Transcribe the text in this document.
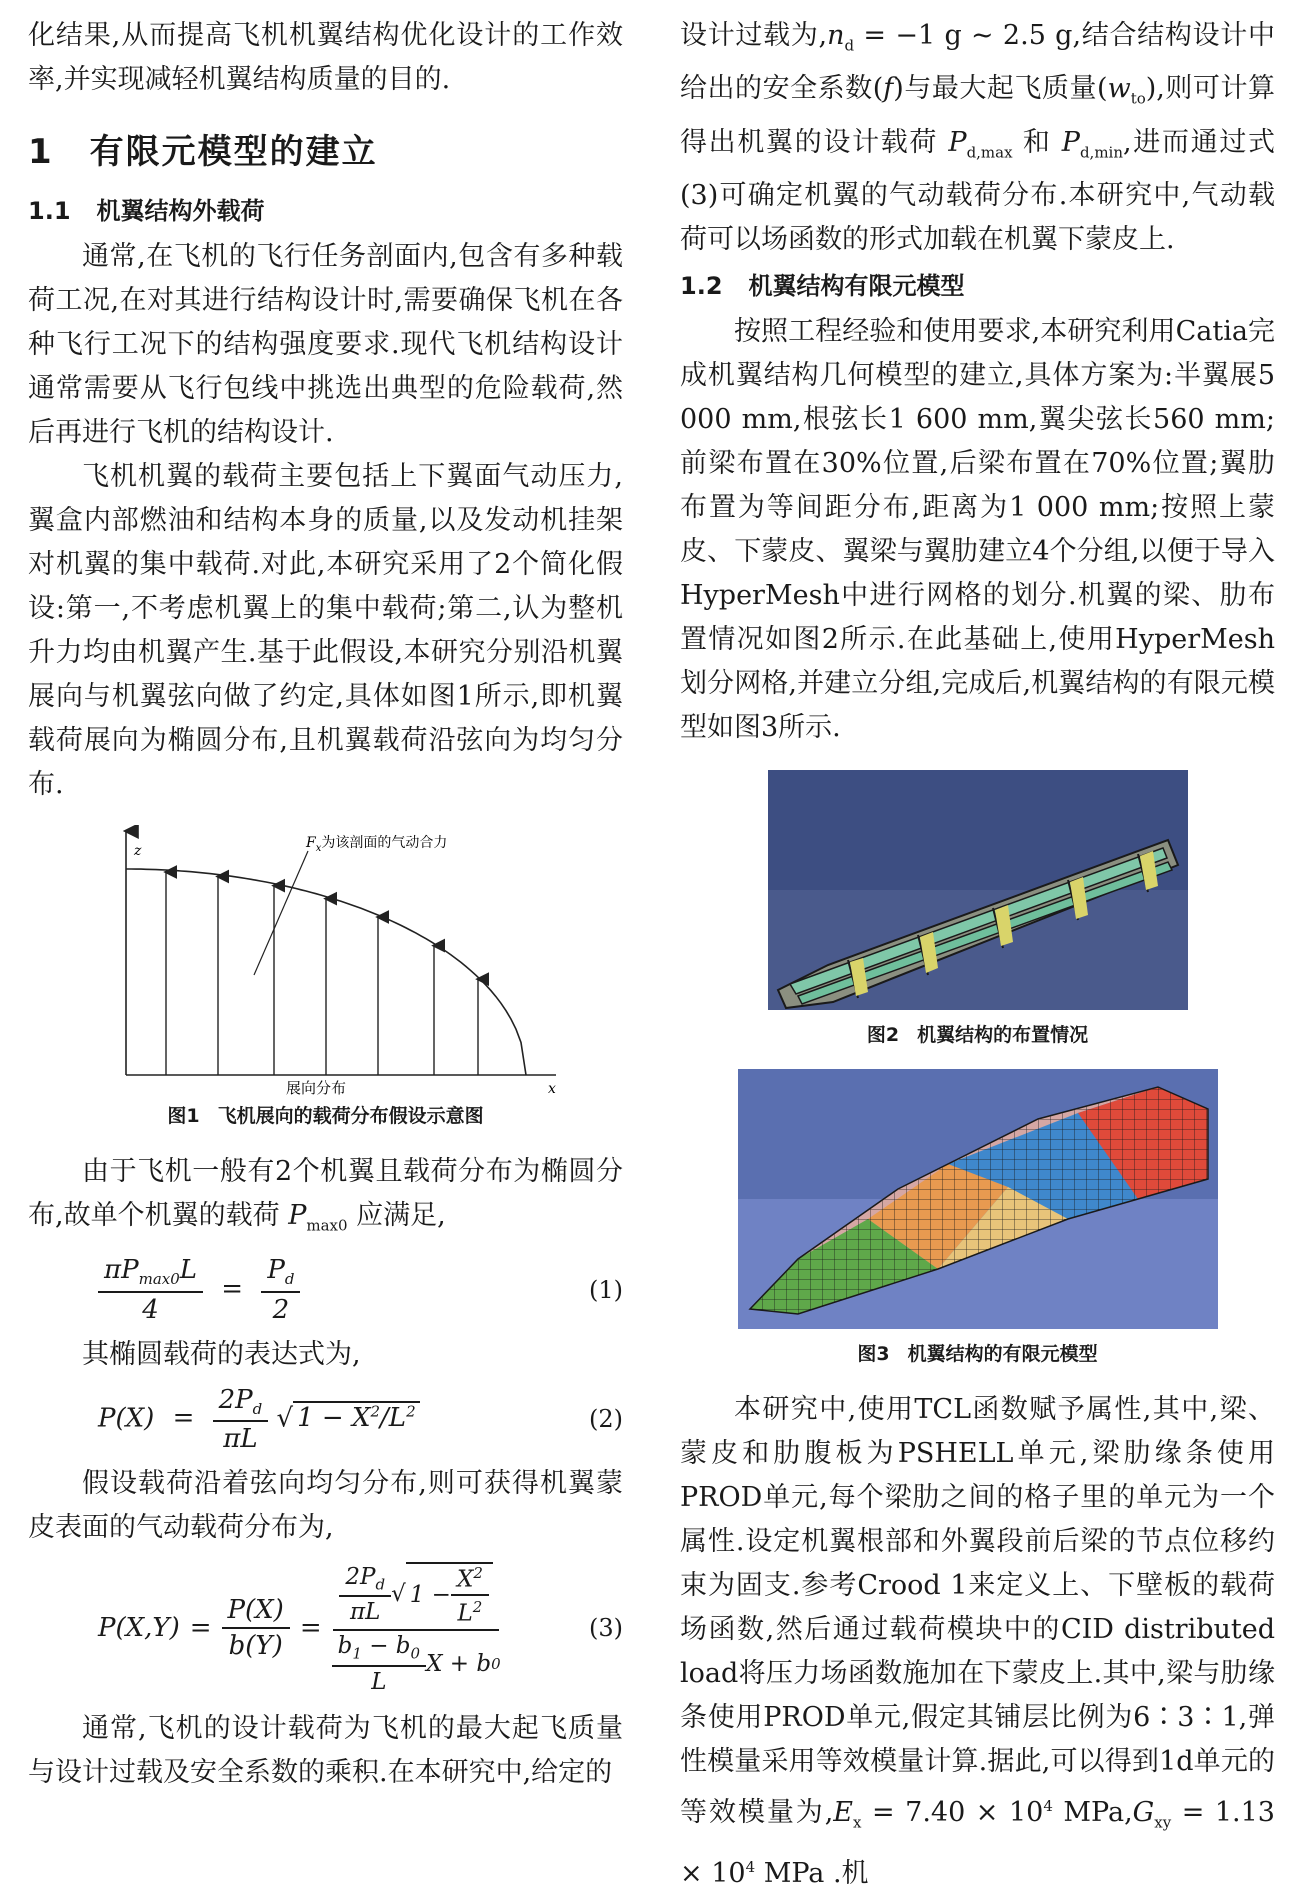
化结果,从而提高飞机机翼结构优化设计的工作效率,并实现减轻机翼结构质量的目的.

1 有限元模型的建立
1.1 机翼结构外载荷

通常,在飞机的飞行任务剖面内,包含有多种载荷工况,在对其进行结构设计时,需要确保飞机在各种飞行工况下的结构强度要求.现代飞机结构设计通常需要从飞行包线中挑选出典型的危险载荷,然后再进行飞机的结构设计.

飞机机翼的载荷主要包括上下翼面气动压力,翼盒内部燃油和结构本身的质量,以及发动机挂架对机翼的集中载荷.对此,本研究采用了2个简化假设:第一,不考虑机翼上的集中载荷;第二,认为整机升力均由机翼产生.基于此假设,本研究分别沿机翼展向与机翼弦向做了约定,具体如图1所示,即机翼载荷展向为椭圆分布,且机翼载荷沿弦向为均匀分布.

z
x
$F_x$为该剖面的气动合力
展向分布
图1 飞机展向的载荷分布假设示意图

由于飞机一般有2个机翼且载荷分布为椭圆分布,故单个机翼的载荷 $P_{max0}$ 应满足,

$\frac{\pi P_{max0}L}{4} = \frac{P_d}{2}$	(1)

其椭圆载荷的表达式为,

$P(X) = \frac{2P_d}{\pi L}$ √ $1 - X^2/L^2$	(2)

假设载荷沿着弦向均匀分布,则可获得机翼蒙皮表面的气动载荷分布为,

$P(X,Y) = \frac{P(X)}{b(Y)} = \frac{\frac{2P_d}{\pi L} √ 1 - \frac{X^2}{L^2}}{\frac{b_1 - b_0}{L} X + b 0}$	(3)

通常,飞机的设计载荷为飞机的最大起飞质量与设计过载及安全系数的乘积.在本研究中,给定的

设计过载为$,n_d = -1$ g ~ 2.5 g,结合结构设计中给出的安全系数(f)与最大起飞质量$(w_{to})$,则可计算得出机翼的设计载荷 $P_{d,max}$ 和 $P_{d,min}$,进而通过式(3)可确定机翼的气动载荷分布.本研究中,气动载荷可以场函数的形式加载在机翼下蒙皮上.

1.2 机翼结构有限元模型

按照工程经验和使用要求,本研究利用Catia完成机翼结构几何模型的建立,具体方案为:半翼展5 000 mm,根弦长1 600 mm,翼尖弦长560 mm;前梁布置在30%位置,后梁布置在70%位置;翼肋布置为等间距分布,距离为1 000 mm;按照上蒙皮、下蒙皮、翼梁与翼肋建立4个分组,以便于导入HyperMesh中进行网格的划分.机翼的梁、肋布置情况如图2所示.在此基础上,使用HyperMesh划分网格,并建立分组,完成后,机翼结构的有限元模型如图3所示.

图2 机翼结构的布置情况
图3 机翼结构的有限元模型

本研究中,使用TCL函数赋予属性,其中,梁、蒙皮和肋腹板为PSHELL单元,梁肋缘条使用PROD单元,每个梁肋之间的格子里的单元为一个属性.设定机翼根部和外翼段前后梁的节点位移约束为固支.参考Crood 1来定义上、下壁板的载荷场函数,然后通过载荷模块中的CID distributed load将压力场函数施加在下蒙皮上.其中,梁与肋缘条使用PROD单元,假定其铺层比例为6∶3∶1,弹性模量采用等效模量计算.据此,可以得到1d单元的等效模量为$,E_x = 7.40 \times 10^4$ $MPa,G_{xy} = 1.13 \times 10^4$ MPa .机
